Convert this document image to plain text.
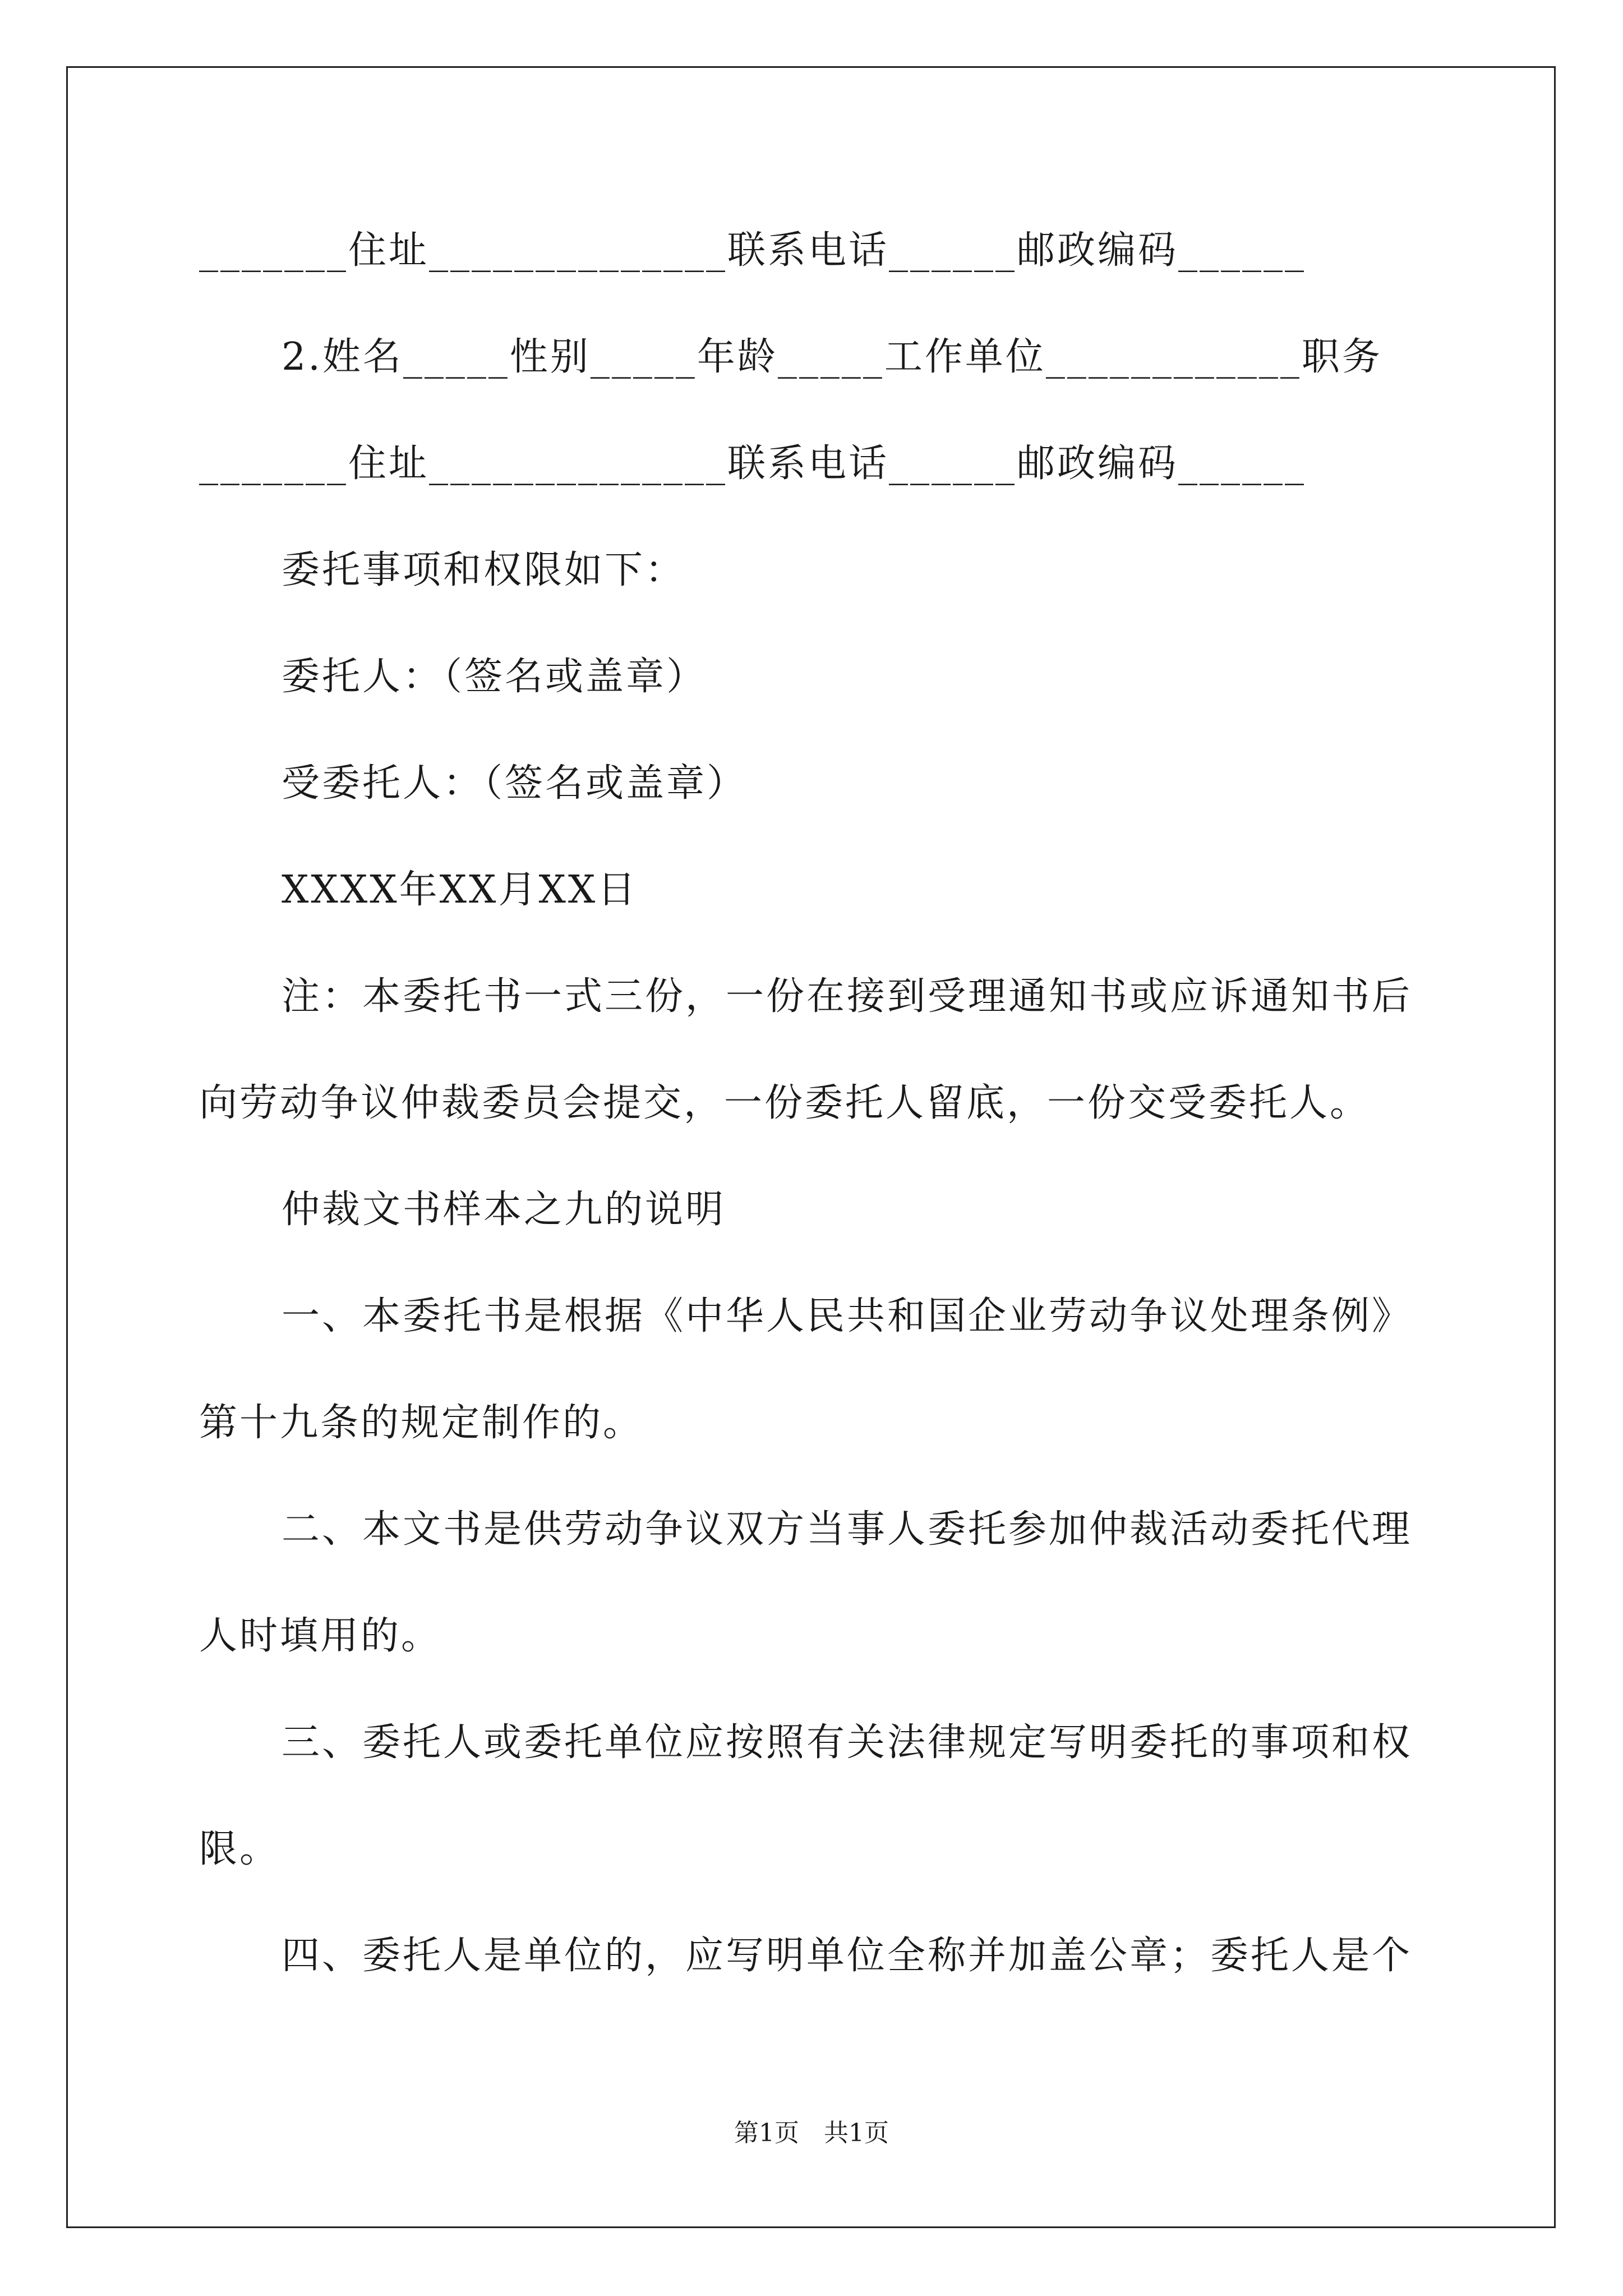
_______住址______________联系电话______邮政编码______
2.姓名_____性别_____年龄_____工作单位____________职务
_______住址______________联系电话______邮政编码______
委托事项和权限如下：
委托人：（签名或盖章）
受委托人：（签名或盖章）
XXXX年XX月XX日
注：本委托书一式三份，一份在接到受理通知书或应诉通知书后
向劳动争议仲裁委员会提交，一份委托人留底，一份交受委托人。
仲裁文书样本之九的说明
一、本委托书是根据《中华人民共和国企业劳动争议处理条例》
第十九条的规定制作的。
二、本文书是供劳动争议双方当事人委托参加仲裁活动委托代理
人时填用的。
三、委托人或委托单位应按照有关法律规定写明委托的事项和权
限。
四、委托人是单位的，应写明单位全称并加盖公章；委托人是个
第1页　共1页
